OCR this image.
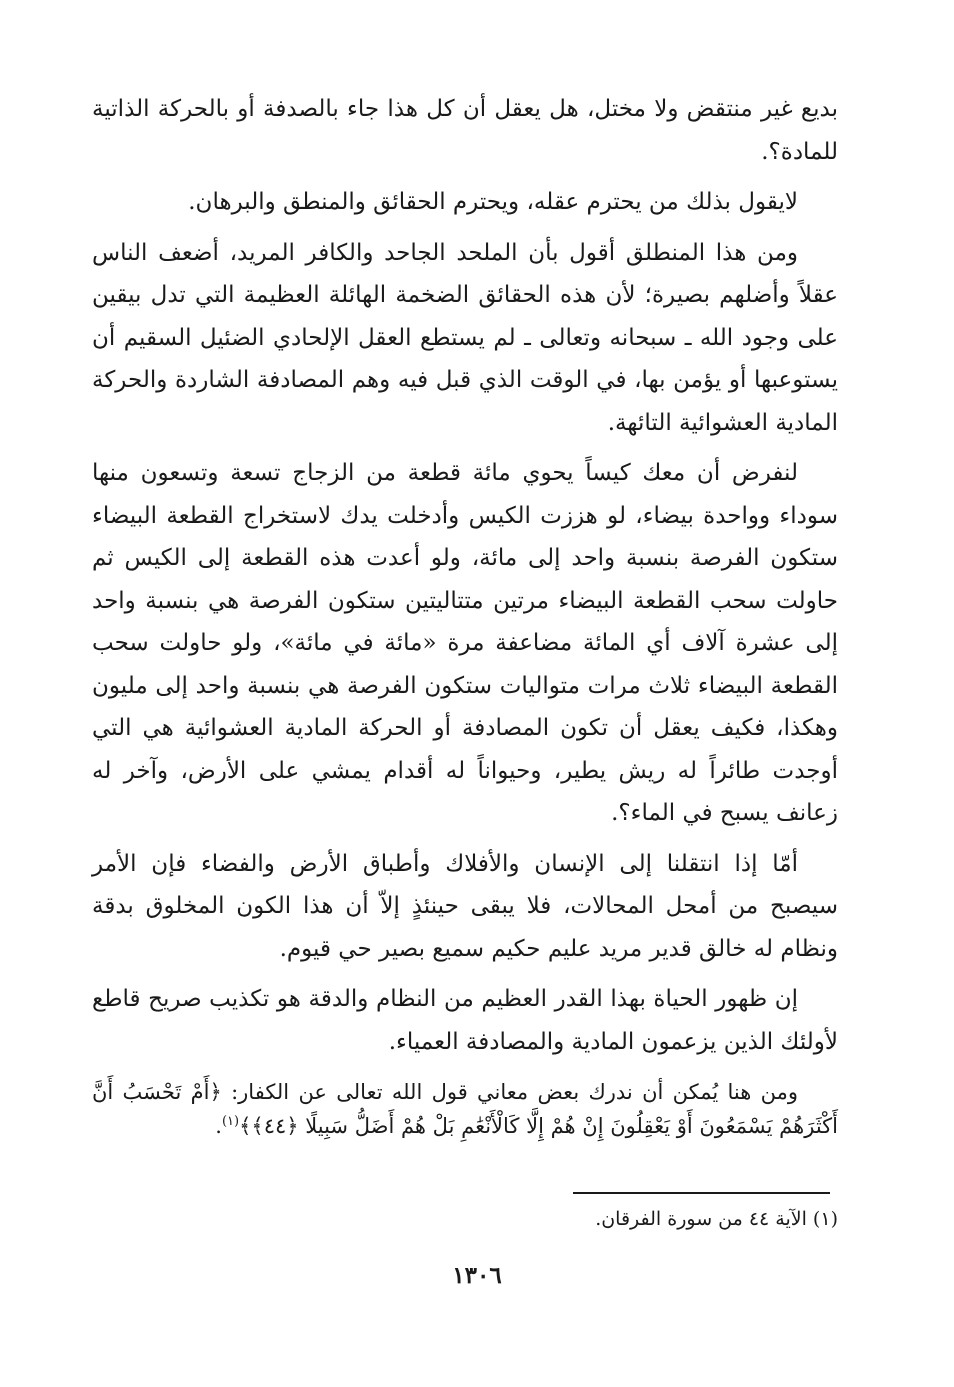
بديع غير منتقض ولا مختل، هل يعقل أن كل هذا جاء بالصدفة أو بالحركة الذاتية للمادة؟.

لايقول بذلك من يحترم عقله، ويحترم الحقائق والمنطق والبرهان.

ومن هذا المنطلق أقول بأن الملحد الجاحد والكافر المريد، أضعف الناس عقلاً وأضلهم بصيرة؛ لأن هذه الحقائق الضخمة الهائلة العظيمة التي تدل بيقين على وجود الله ـ سبحانه وتعالى ـ لم يستطع العقل الإلحادي الضئيل السقيم أن يستوعبها أو يؤمن بها، في الوقت الذي قبل فيه وهم المصادفة الشاردة والحركة المادية العشوائية التائهة.

لنفرض أن معك كيساً يحوي مائة قطعة من الزجاج تسعة وتسعون منها سوداء وواحدة بيضاء، لو هززت الكيس وأدخلت يدك لاستخراج القطعة البيضاء ستكون الفرصة بنسبة واحد إلى مائة، ولو أعدت هذه القطعة إلى الكيس ثم حاولت سحب القطعة البيضاء مرتين متتاليتين ستكون الفرصة هي بنسبة واحد إلى عشرة آلاف أي المائة مضاعفة مرة «مائة في مائة»، ولو حاولت سحب القطعة البيضاء ثلاث مرات متواليات ستكون الفرصة هي بنسبة واحد إلى مليون وهكذا، فكيف يعقل أن تكون المصادفة أو الحركة المادية العشوائية هي التي أوجدت طائراً له ريش يطير، وحيواناً له أقدام يمشي على الأرض، وآخر له زعانف يسبح في الماء؟.

أمّا إذا انتقلنا إلى الإنسان والأفلاك وأطباق الأرض والفضاء فإن الأمر سيصبح من أمحل المحالات، فلا يبقى حينئذٍ إلاّ أن هذا الكون المخلوق بدقة ونظام له خالق قدير مريد عليم حكيم سميع بصير حي قيوم.

إن ظهور الحياة بهذا القدر العظيم من النظام والدقة هو تكذيب صريح قاطع لأولئك الذين يزعمون المادية والمصادفة العمياء.

ومن هنا يُمكن أن ندرك بعض معاني قول الله تعالى عن الكفار: ﴿أَمْ تَحْسَبُ أَنَّ أَكْثَرَهُمْ يَسْمَعُونَ أَوْ يَعْقِلُونَ إِنْ هُمْ إِلَّا كَالْأَنْعَٰمِ بَلْ هُمْ أَضَلُّ سَبِيلًا ﴿٤٤﴾﴾$^{(١)}$.

(١) الآية ٤٤ من سورة الفرقان.
١٣٠٦
